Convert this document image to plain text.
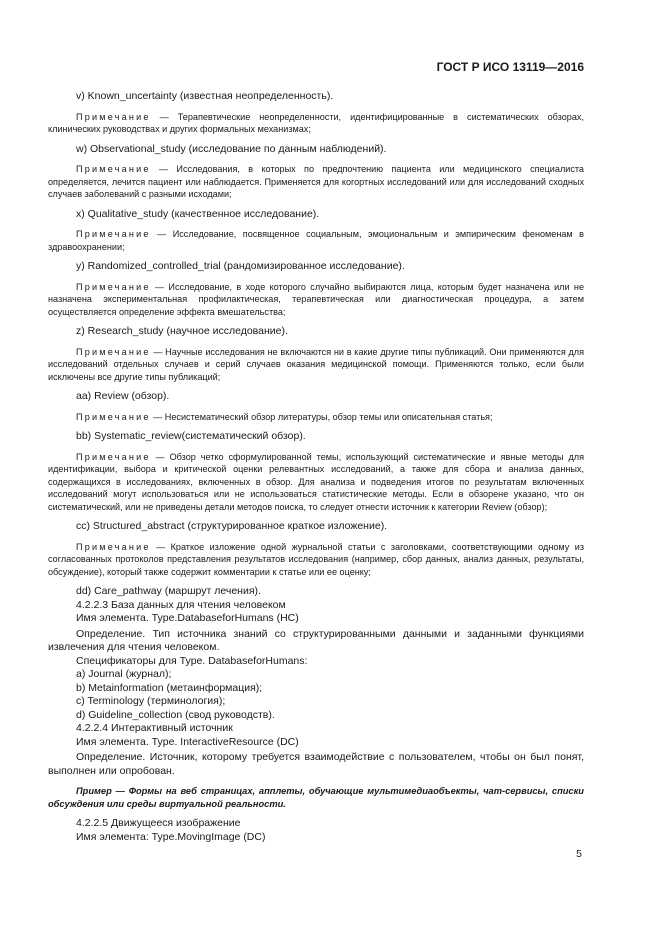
ГОСТ Р ИСО 13119—2016

v) Known_uncertainty (известная неопределенность).

Примечание — Терапевтические неопределенности, идентифицированные в систематических обзорах, клинических руководствах и других формальных механизмах;

w) Observational_study (исследование по данным наблюдений).

Примечание — Исследования, в которых по предпочтению пациента или медицинского специалиста определяется, лечится пациент или наблюдается. Применяется для когортных исследований или для исследований сходных случаев заболеваний с разными исходами;

x) Qualitative_study (качественное исследование).

Примечание — Исследование, посвященное социальным, эмоциональным и эмпирическим феноменам в здравоохранении;

y) Randomized_controlled_trial (рандомизированное исследование).

Примечание — Исследование, в ходе которого случайно выбираются лица, которым будет назначена или не назначена экспериментальная профилактическая, терапевтическая или диагностическая процедура, а затем осуществляется определение эффекта вмешательства;

z) Research_study (научное исследование).

Примечание — Научные исследования не включаются ни в какие другие типы публикаций. Они применяются для исследований отдельных случаев и серий случаев оказания медицинской помощи. Применяются только, если были исключены все другие типы публикаций;

aa) Review (обзор).

Примечание — Несистематический обзор литературы, обзор темы или описательная статья;

bb) Systematic_review(систематический обзор).

Примечание — Обзор четко сформулированной темы, использующий систематические и явные методы для идентификации, выбора и критической оценки релевантных исследований, а также для сбора и анализа данных, содержащихся в исследованиях, включенных в обзор. Для анализа и подведения итогов по результатам включенных исследований могут использоваться или не использоваться статистические методы. Если в обзорене указано, что он систематический, или не приведены детали методов поиска, то следует отнести источник к категории Review (обзор);

cc) Structured_abstract (структурированное краткое изложение).

Примечание — Краткое изложение одной журнальной статьи с заголовками, соответствующими одному из согласованных протоколов представления результатов исследования (например, сбор данных, анализ данных, результаты, обсуждение), который также содержит комментарии к статье или ее оценку;

dd) Care_pathway (маршрут лечения).

4.2.2.3 База данных для чтения человеком

Имя элемента. Type.DatabaseforHumans (HC)

Определение. Тип источника знаний со структурированными данными и заданными функциями извлечения для чтения человеком.

Спецификаторы для Type. DatabaseforHumans:

a) Journal (журнал);

b) Metainformation (метаинформация);

c) Terminology (терминология);

d) Guideline_collection (свод руководств).

4.2.2.4 Интерактивный источник

Имя элемента. Type. InteractiveResource (DC)

Определение. Источник, которому требуется взаимодействие с пользователем, чтобы он был понят, выполнен или опробован.

Пример — Формы на веб страницах, апплеты, обучающие мультимедиаобъекты, чат-сервисы, списки обсуждения или среды виртуальной реальности.

4.2.2.5 Движущееся изображение

Имя элемента: Type.MovingImage (DC)

5
